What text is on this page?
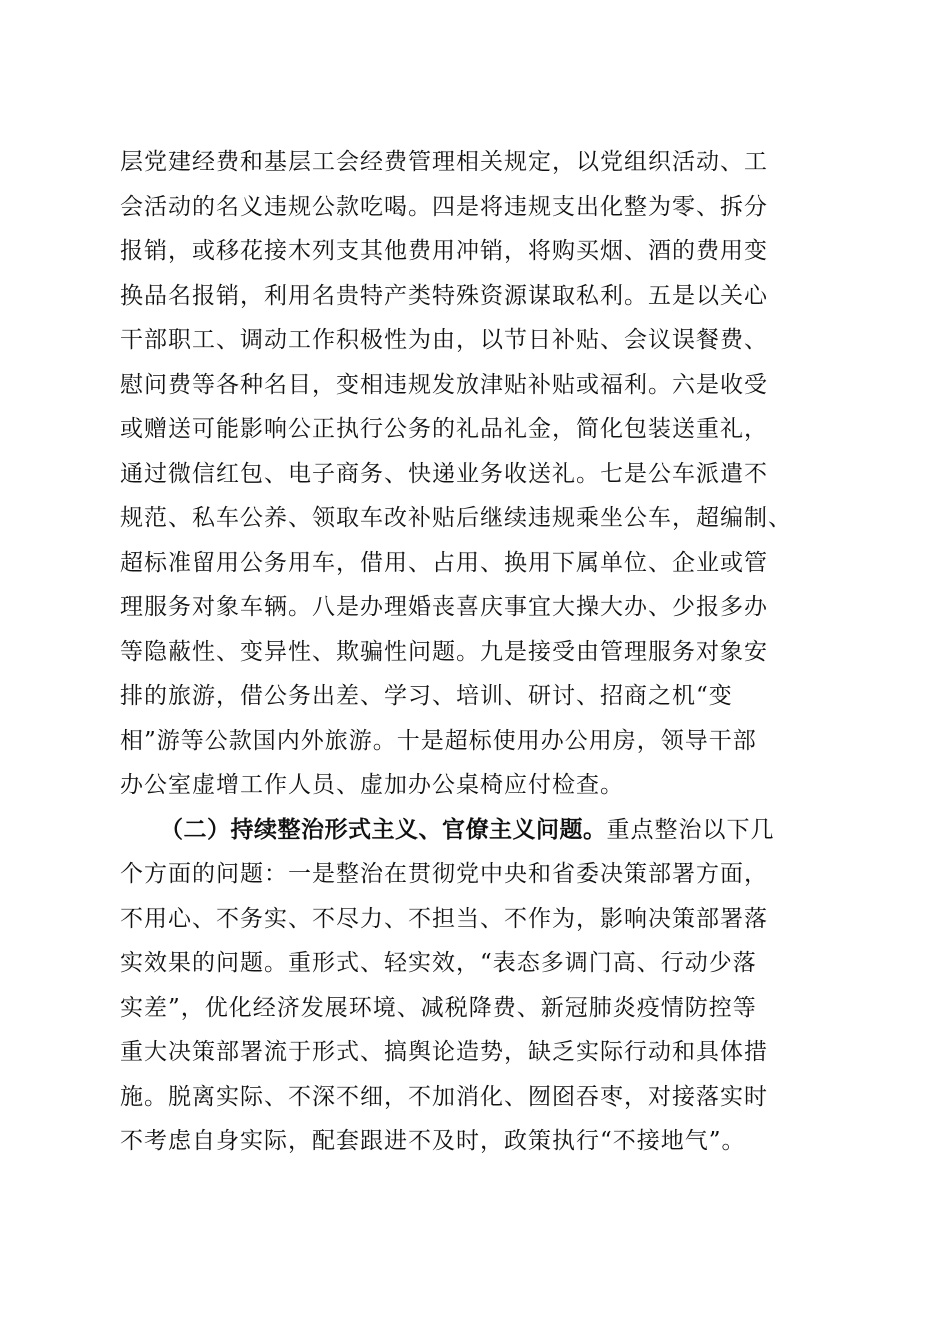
层党建经费和基层工会经费管理相关规定，以党组织活动、工
会活动的名义违规公款吃喝。四是将违规支出化整为零、拆分
报销，或移花接木列支其他费用冲销，将购买烟、酒的费用变
换品名报销，利用名贵特产类特殊资源谋取私利。五是以关心
干部职工、调动工作积极性为由，以节日补贴、会议误餐费、
慰问费等各种名目，变相违规发放津贴补贴或福利。六是收受
或赠送可能影响公正执行公务的礼品礼金，简化包装送重礼，
通过微信红包、电子商务、快递业务收送礼。七是公车派遣不
规范、私车公养、领取车改补贴后继续违规乘坐公车，超编制、
超标准留用公务用车，借用、占用、换用下属单位、企业或管
理服务对象车辆。八是办理婚丧喜庆事宜大操大办、少报多办
等隐蔽性、变异性、欺骗性问题。九是接受由管理服务对象安
排的旅游，借公务出差、学习、培训、研讨、招商之机“变
相”游等公款国内外旅游。十是超标使用办公用房，领导干部
办公室虚增工作人员、虚加办公桌椅应付检查。
（二）持续整治形式主义、官僚主义问题。重点整治以下几
个方面的问题：一是整治在贯彻党中央和省委决策部署方面，
不用心、不务实、不尽力、不担当、不作为，影响决策部署落
实效果的问题。重形式、轻实效，“表态多调门高、行动少落
实差”，优化经济发展环境、减税降费、新冠肺炎疫情防控等
重大决策部署流于形式、搞舆论造势，缺乏实际行动和具体措
施。脱离实际、不深不细，不加消化、囫囵吞枣，对接落实时
不考虑自身实际，配套跟进不及时，政策执行“不接地气”。
